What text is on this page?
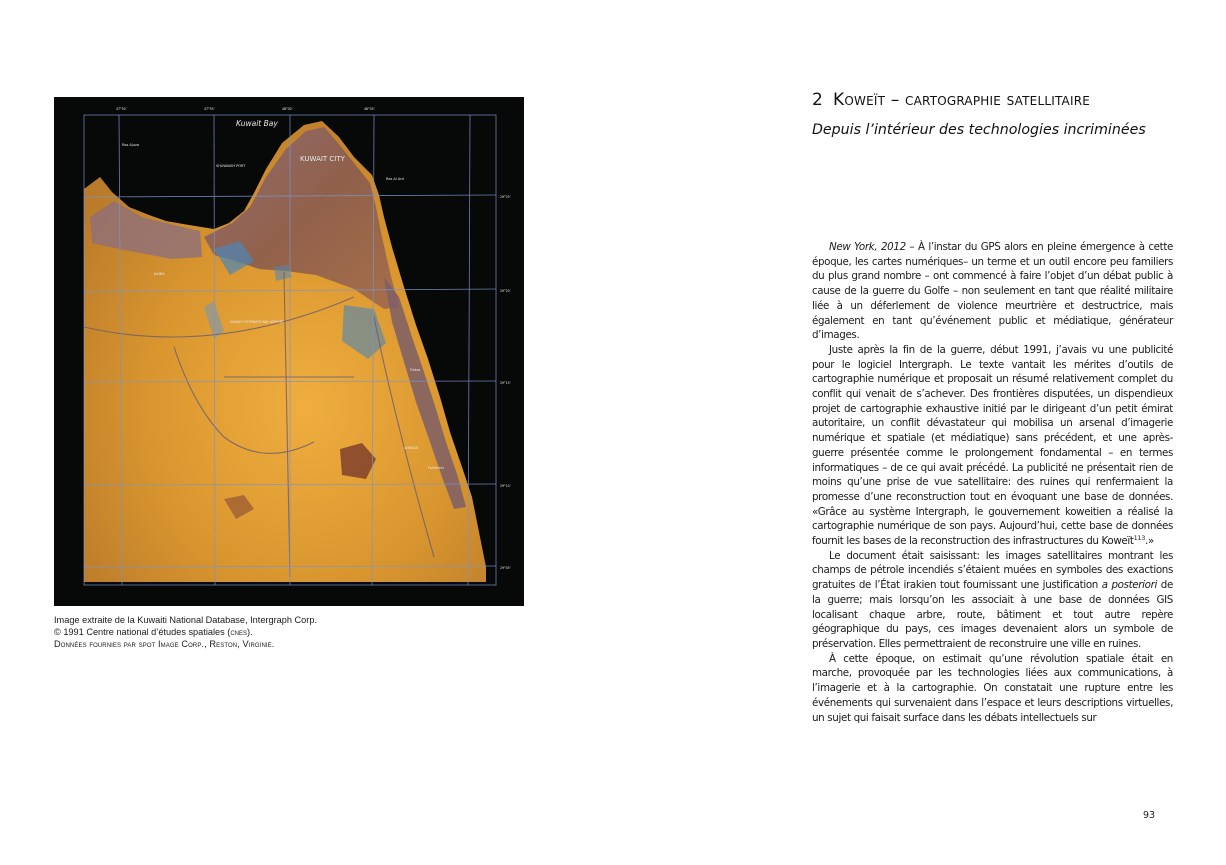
Kuwait Bay
KUWAIT CITY
Ras Ajuza
SHUWAIKH PORT
Ras Al Ard
Fintas
Fahaheel
JAHRA
KUWAIT INTERNATIONAL AIRPORT
AHMADI
47°50'	47°55'	48°00'	48°05'
29°25'
29°20'
29°15'
29°10'
29°05'
Image extraite de la Kuwaiti National Database, Intergraph Corp.
© 1991 Centre national d’études spatiales (cnes).
Données fournies par spot Image Corp., Reston, Virginie.
2 Koweït – cartographie satellitaire
Depuis l’intérieur des technologies incriminées

New York, 2012 – À l’instar du GPS alors en pleine émergence à cette époque, les cartes numériques– un terme et un outil encore peu familiers du plus grand nombre – ont commencé à faire l’objet d’un débat public à cause de la guerre du Golfe – non seulement en tant que réalité militaire liée à un déferlement de violence meurtrière et destructrice, mais également en tant qu’événement public et médiatique, générateur d’images.

Juste après la fin de la guerre, début 1991, j’avais vu une publicité pour le logiciel Intergraph. Le texte vantait les mérites d’outils de cartographie numérique et proposait un résumé relativement complet du conflit qui venait de s’achever. Des frontières disputées, un dispendieux projet de cartographie exhaustive initié par le dirigeant d’un petit émirat autoritaire, un conflit dévastateur qui mobilisa un arsenal d’imagerie numérique et spatiale (et médiatique) sans précédent, et une après-guerre présentée comme le prolongement fondamental – en termes informatiques – de ce qui avait précédé. La publicité ne présentait rien de moins qu’une prise de vue satellitaire: des ruines qui renfermaient la promesse d’une reconstruction tout en évoquant une base de données. «Grâce au système Intergraph, le gouvernement koweitien a réalisé la cartographie numérique de son pays. Aujourd’hui, cette base de données fournit les bases de la reconstruction des infrastructures du Koweït$^{113}$.»

Le document était saisissant: les images satellitaires montrant les champs de pétrole incendiés s’étaient muées en symboles des exactions gratuites de l’État irakien tout fournissant une justification a posteriori de la guerre; mais lorsqu’on les associait à une base de données GIS localisant chaque arbre, route, bâtiment et tout autre repère géographique du pays, ces images devenaient alors un symbole de préservation. Elles permettraient de reconstruire une ville en ruines.

À cette époque, on estimait qu’une révolution spatiale était en marche, provoquée par les technologies liées aux communications, à l’imagerie et à la cartographie. On constatait une rupture entre les événements qui survenaient dans l’espace et leurs descriptions virtuelles, un sujet qui faisait surface dans les débats intellectuels sur

93
